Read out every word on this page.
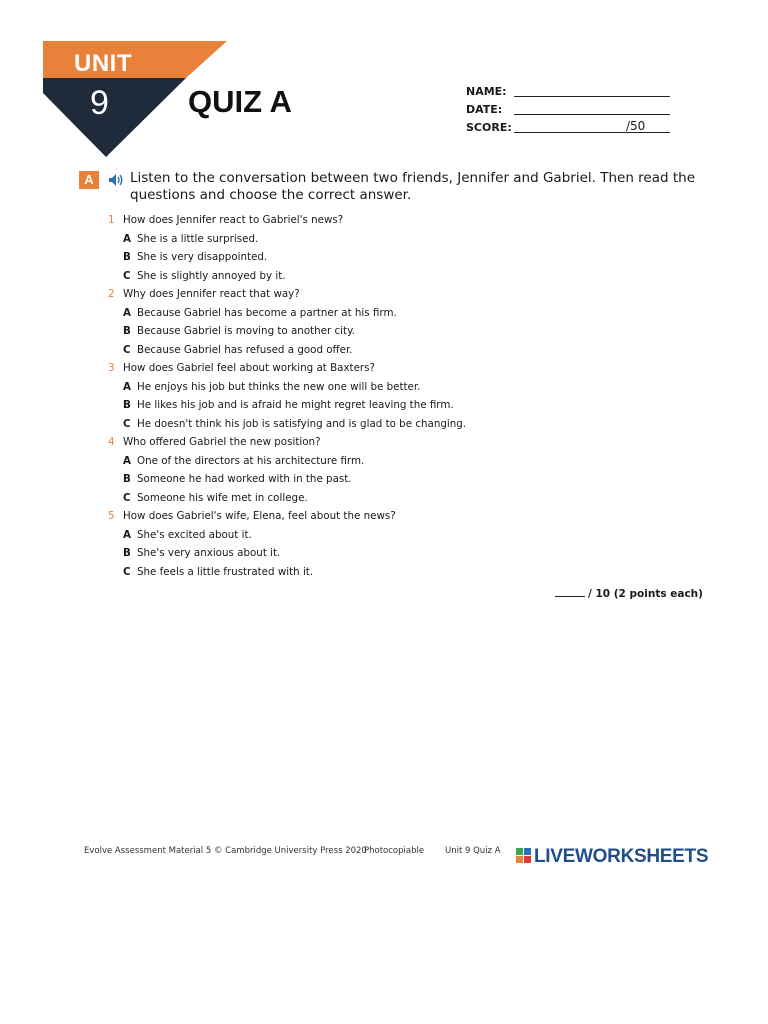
UNIT
9	QUIZ A	NAME:
DATE:
SCORE:	/50
A	Listen to the conversation between two friends, Jennifer and Gabriel. Then read the questions and choose the correct answer.
1 How does Jennifer react to Gabriel's news?
A She is a little surprised.
B She is very disappointed.
C She is slightly annoyed by it.
2 Why does Jennifer react that way?
A Because Gabriel has become a partner at his firm.
B Because Gabriel is moving to another city.
C Because Gabriel has refused a good offer.
3 How does Gabriel feel about working at Baxters?
A He enjoys his job but thinks the new one will be better.
B He likes his job and is afraid he might regret leaving the firm.
C He doesn't think his job is satisfying and is glad to be changing.
4 Who offered Gabriel the new position?
A One of the directors at his architecture firm.
B Someone he had worked with in the past.
C Someone his wife met in college.
5 How does Gabriel's wife, Elena, feel about the news?
A She's excited about it.
B She's very anxious about it.
C She feels a little frustrated with it.
/ 10 (2 points each)
Evolve Assessment Material 5 © Cambridge University Press 2020
Photocopiable Unit 9 Quiz A LIVEWORKSHEETS
